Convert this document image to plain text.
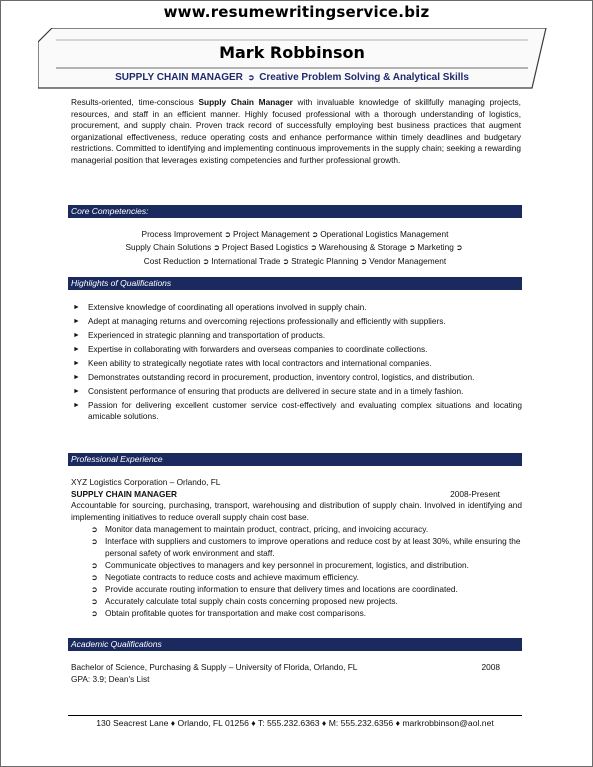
www.resumewritingservice.biz
Mark Robbinson
SUPPLY CHAIN MANAGER ➲ Creative Problem Solving & Analytical Skills
Results-oriented, time-conscious Supply Chain Manager with invaluable knowledge of skillfully managing projects, resources, and staff in an efficient manner. Highly focused professional with a thorough understanding of logistics, procurement, and supply chain. Proven track record of successfully employing best business practices that augment organizational effectiveness, reduce operating costs and enhance performance within timely deadlines and budgetary restrictions. Committed to identifying and implementing continuous improvements in the supply chain; seeking a rewarding managerial position that leverages existing competencies and further professional growth.
Core Competencies:
Process Improvement ➲ Project Management ➲ Operational Logistics Management
Supply Chain Solutions ➲ Project Based Logistics ➲ Warehousing & Storage ➲ Marketing ➲
Cost Reduction ➲ International Trade ➲ Strategic Planning ➲ Vendor Management
Highlights of Qualifications
► Extensive knowledge of coordinating all operations involved in supply chain.
► Adept at managing returns and overcoming rejections professionally and efficiently with suppliers.
► Experienced in strategic planning and transportation of products.
► Expertise in collaborating with forwarders and overseas companies to coordinate collections.
► Keen ability to strategically negotiate rates with local contractors and international companies.
► Demonstrates outstanding record in procurement, production, inventory control, logistics, and distribution.
► Consistent performance of ensuring that products are delivered in secure state and in a timely fashion.
► Passion for delivering excellent customer service cost-effectively and evaluating complex situations and locating amicable solutions.
Professional Experience
XYZ Logistics Corporation – Orlando, FL
SUPPLY CHAIN MANAGER	2008-Present
Accountable for sourcing, purchasing, transport, warehousing and distribution of supply chain. Involved in identifying and implementing initiatives to reduce overall supply chain cost base.
➲ Monitor data management to maintain product, contract, pricing, and invoicing accuracy.
➲ Interface with suppliers and customers to improve operations and reduce cost by at least 30%, while ensuring the personal safety of work environment and staff.
➲ Communicate objectives to managers and key personnel in procurement, logistics, and distribution.
➲ Negotiate contracts to reduce costs and achieve maximum efficiency.
➲ Provide accurate routing information to ensure that delivery times and locations are coordinated.
➲ Accurately calculate total supply chain costs concerning proposed new projects.
➲ Obtain profitable quotes for transportation and make cost comparisons.
Academic Qualifications
Bachelor of Science, Purchasing & Supply – University of Florida, Orlando, FL	2008
GPA: 3.9; Dean's List
130 Seacrest Lane ♦ Orlando, FL 01256 ♦ T: 555.232.6363 ♦ M: 555.232.6356 ♦ markrobbinson@aol.net
